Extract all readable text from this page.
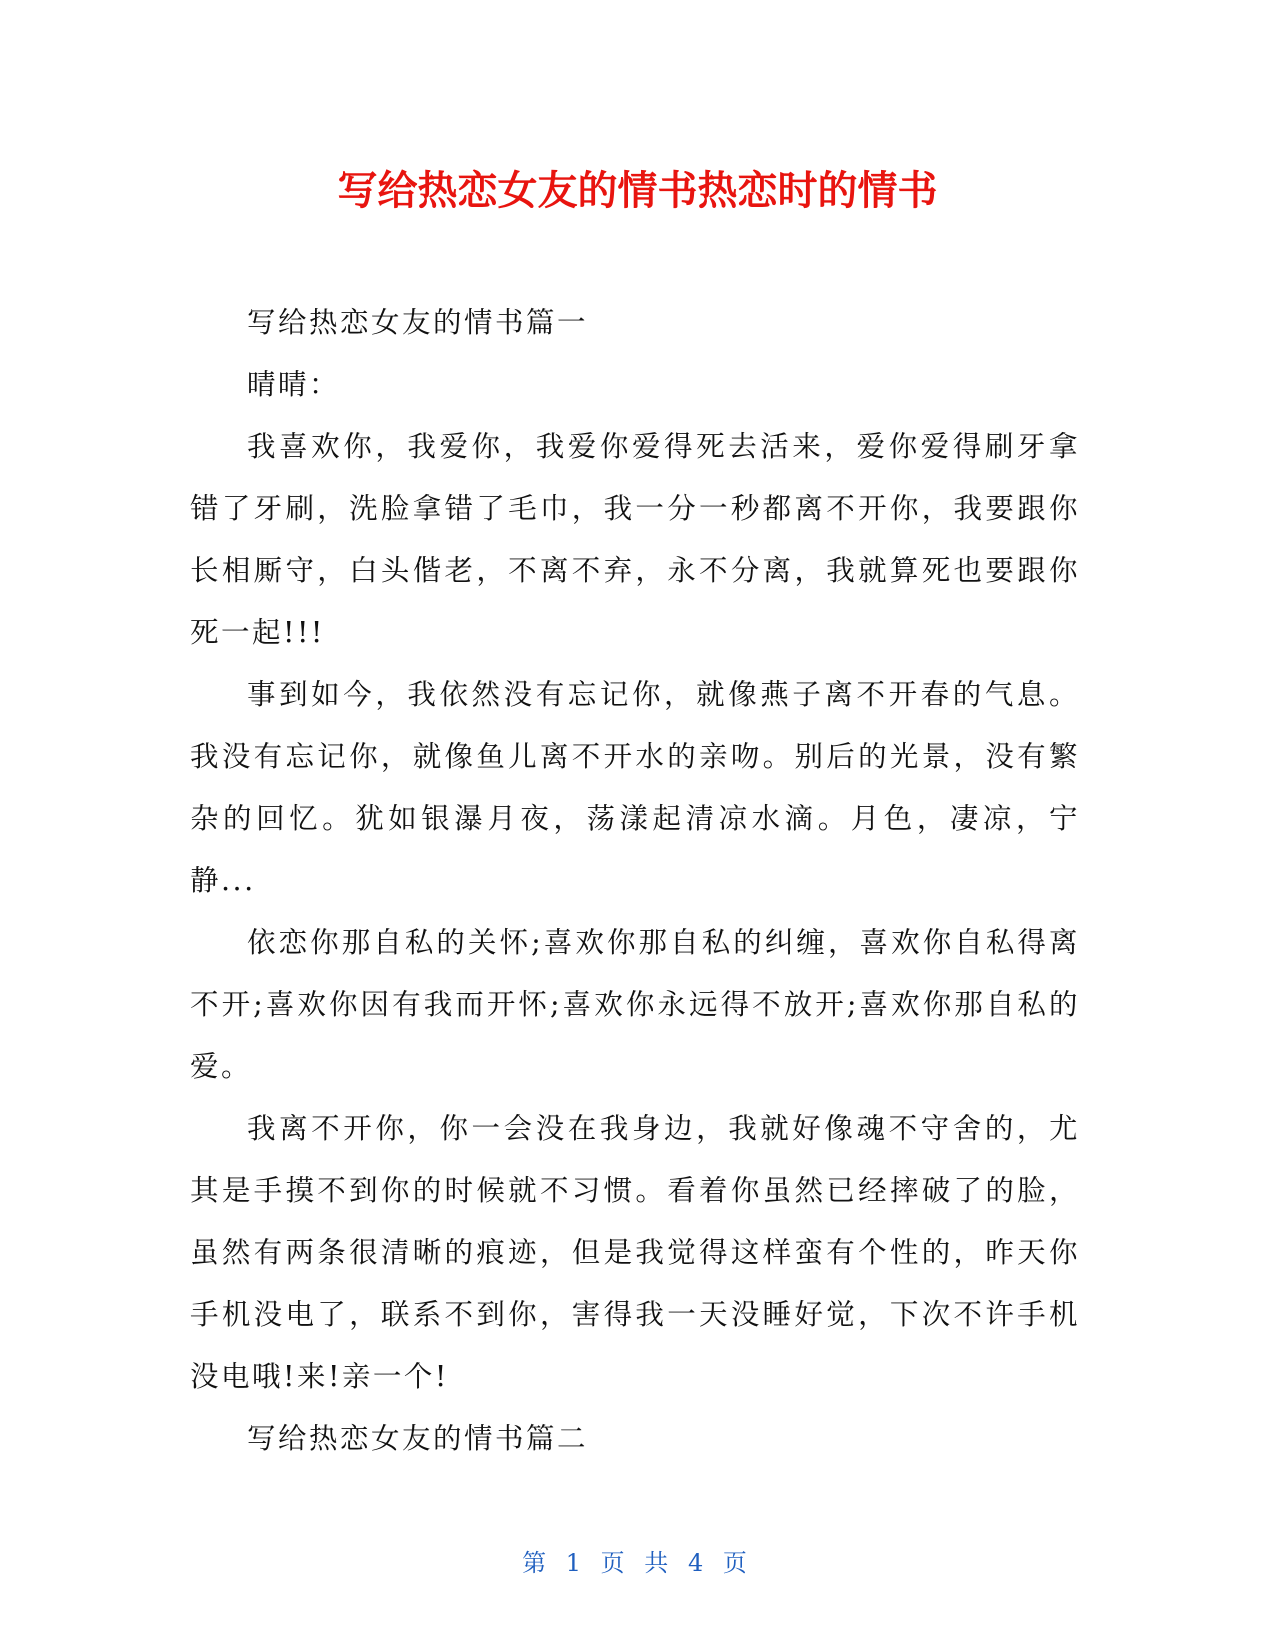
写给热恋女友的情书热恋时的情书

写给热恋女友的情书篇一

晴晴：

我喜欢你，我爱你，我爱你爱得死去活来，爱你爱得刷牙拿错了牙刷，洗脸拿错了毛巾，我一分一秒都离不开你，我要跟你长相厮守，白头偕老，不离不弃，永不分离，我就算死也要跟你死一起!!!

事到如今，我依然没有忘记你，就像燕子离不开春的气息。我没有忘记你，就像鱼儿离不开水的亲吻。别后的光景，没有繁杂的回忆。犹如银瀑月夜，荡漾起清凉水滴。月色，凄凉，宁静...

依恋你那自私的关怀;喜欢你那自私的纠缠，喜欢你自私得离不开;喜欢你因有我而开怀;喜欢你永远得不放开;喜欢你那自私的爱。

我离不开你，你一会没在我身边，我就好像魂不守舍的，尤其是手摸不到你的时候就不习惯。看着你虽然已经摔破了的脸，虽然有两条很清晰的痕迹，但是我觉得这样蛮有个性的，昨天你手机没电了，联系不到你，害得我一天没睡好觉，下次不许手机没电哦!来!亲一个!

写给热恋女友的情书篇二

第 1 页 共 4 页
